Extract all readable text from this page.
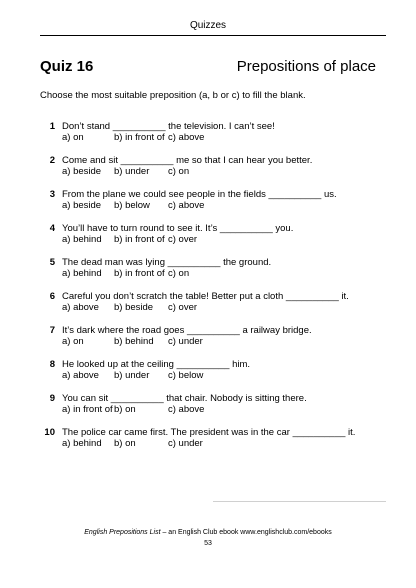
Quizzes
Quiz 16	Prepositions of place
Choose the most suitable preposition (a, b or c) to fill the blank.
1 Don’t stand __________ the television. I can’t see!
a) on	b) in front of c) above
2 Come and sit __________ me so that I can hear you better.
a) beside b) under c) on
3 From the plane we could see people in the fields __________ us.
a) beside b) below c) above
4 You’ll have to turn round to see it. It’s __________ you.
a) behind b) in front of c) over
5 The dead man was lying __________ the ground.
a) behind b) in front of c) on
6 Careful you don’t scratch the table! Better put a cloth __________ it.
a) above b) beside c) over
7 It’s dark where the road goes __________ a railway bridge.
a) on	b) behind c) under
8 He looked up at the ceiling __________ him.
a) above b) under c) below
9 You can sit __________ that chair. Nobody is sitting there.
a) in front of b) on	c) above
10 The police car came first. The president was in the car __________ it.
a) behind b) on	c) under
English Prepositions List – an English Club ebook www.englishclub.com/ebooks
53
